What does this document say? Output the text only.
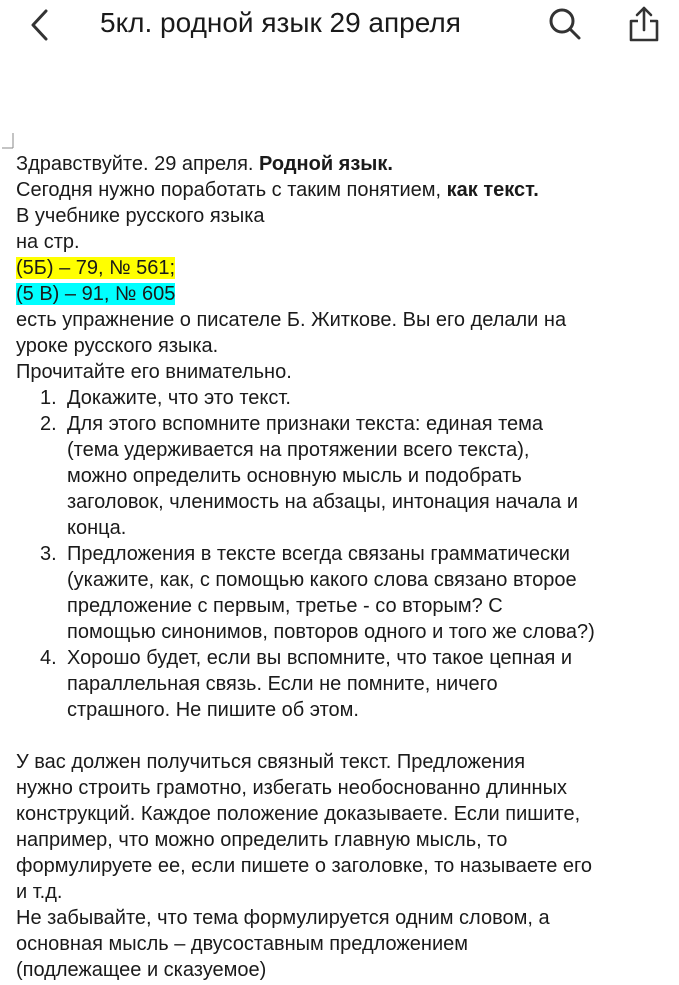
5кл. родной язык 29 апреля

Здравствуйте. 29 апреля. Родной язык.

Сегодня нужно поработать с таким понятием, как текст.

В учебнике русского языка

на стр.

(5Б) – 79, № 561;

(5 В) – 91, № 605

есть упражнение о писателе Б. Житкове. Вы его делали на

уроке русского языка.

Прочитайте его внимательно.

1. Докажите, что это текст.
2. Для этого вспомните признаки текста: единая тема
(тема удерживается на протяжении всего текста),
можно определить основную мысль и подобрать
заголовок, членимость на абзацы, интонация начала и
конца.
3. Предложения в тексте всегда связаны грамматически
(укажите, как, с помощью какого слова связано второе
предложение с первым, третье - со вторым? С
помощью синонимов, повторов одного и того же слова?)
4. Хорошо будет, если вы вспомните, что такое цепная и
параллельная связь. Если не помните, ничего
страшного. Не пишите об этом.

У вас должен получиться связный текст. Предложения

нужно строить грамотно, избегать необоснованно длинных

конструкций. Каждое положение доказываете. Если пишите,

например, что можно определить главную мысль, то

формулируете ее, если пишете о заголовке, то называете его

и т.д.

Не забывайте, что тема формулируется одним словом, а

основная мысль – двусоставным предложением

(подлежащее и сказуемое)
